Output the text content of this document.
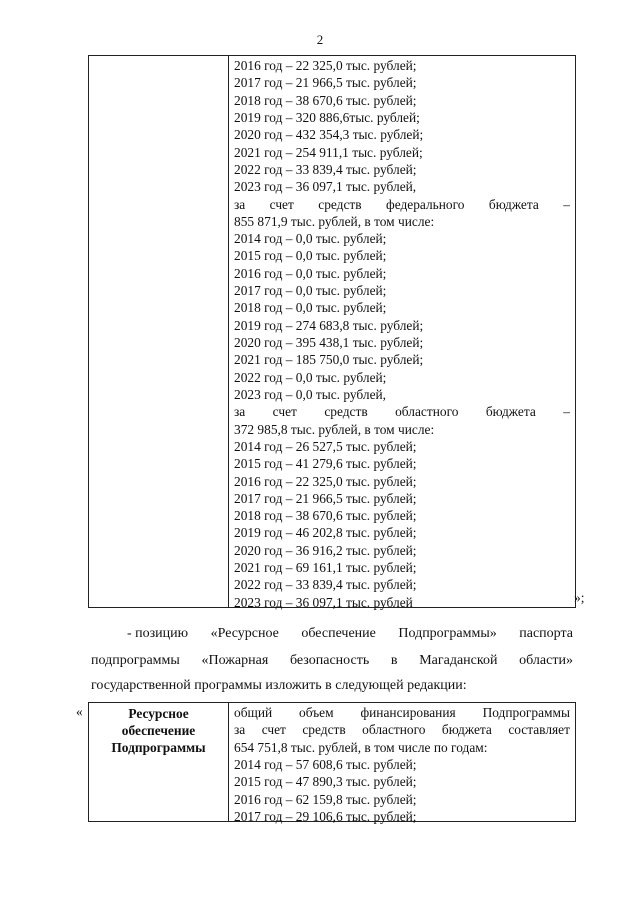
2
2016 год – 22 325,0 тыс. рублей;
2017 год – 21 966,5 тыс. рублей;
2018 год – 38 670,6 тыс. рублей;
2019 год – 320 886,6тыс. рублей;
2020 год – 432 354,3 тыс. рублей;
2021 год – 254 911,1 тыс. рублей;
2022 год – 33 839,4 тыс. рублей;
2023 год – 36 097,1 тыс. рублей,
за счет средств федерального бюджета –
855 871,9 тыс. рублей, в том числе:
2014 год – 0,0 тыс. рублей;
2015 год – 0,0 тыс. рублей;
2016 год – 0,0 тыс. рублей;
2017 год – 0,0 тыс. рублей;
2018 год – 0,0 тыс. рублей;
2019 год – 274 683,8 тыс. рублей;
2020 год – 395 438,1 тыс. рублей;
2021 год – 185 750,0 тыс. рублей;
2022 год – 0,0 тыс. рублей;
2023 год – 0,0 тыс. рублей,
за счет средств областного бюджета –
372 985,8 тыс. рублей, в том числе:
2014 год – 26 527,5 тыс. рублей;
2015 год – 41 279,6 тыс. рублей;
2016 год – 22 325,0 тыс. рублей;
2017 год – 21 966,5 тыс. рублей;
2018 год – 38 670,6 тыс. рублей;
2019 год – 46 202,8 тыс. рублей;
2020 год – 36 916,2 тыс. рублей;
2021 год – 69 161,1 тыс. рублей;
2022 год – 33 839,4 тыс. рублей;
2023 год – 36 097,1 тыс. рублей	»;
- позицию «Ресурсное обеспечение Подпрограммы» паспорта
подпрограммы «Пожарная безопасность в Магаданской области»
государственной программы изложить в следующей редакции:
«	Ресурсное
обеспечение
Подпрограммы
общий объем финансирования Подпрограммы
за счет средств областного бюджета составляет
654 751,8 тыс. рублей, в том числе по годам:
2014 год – 57 608,6 тыс. рублей;
2015 год – 47 890,3 тыс. рублей;
2016 год – 62 159,8 тыс. рублей;
2017 год – 29 106,6 тыс. рублей;
